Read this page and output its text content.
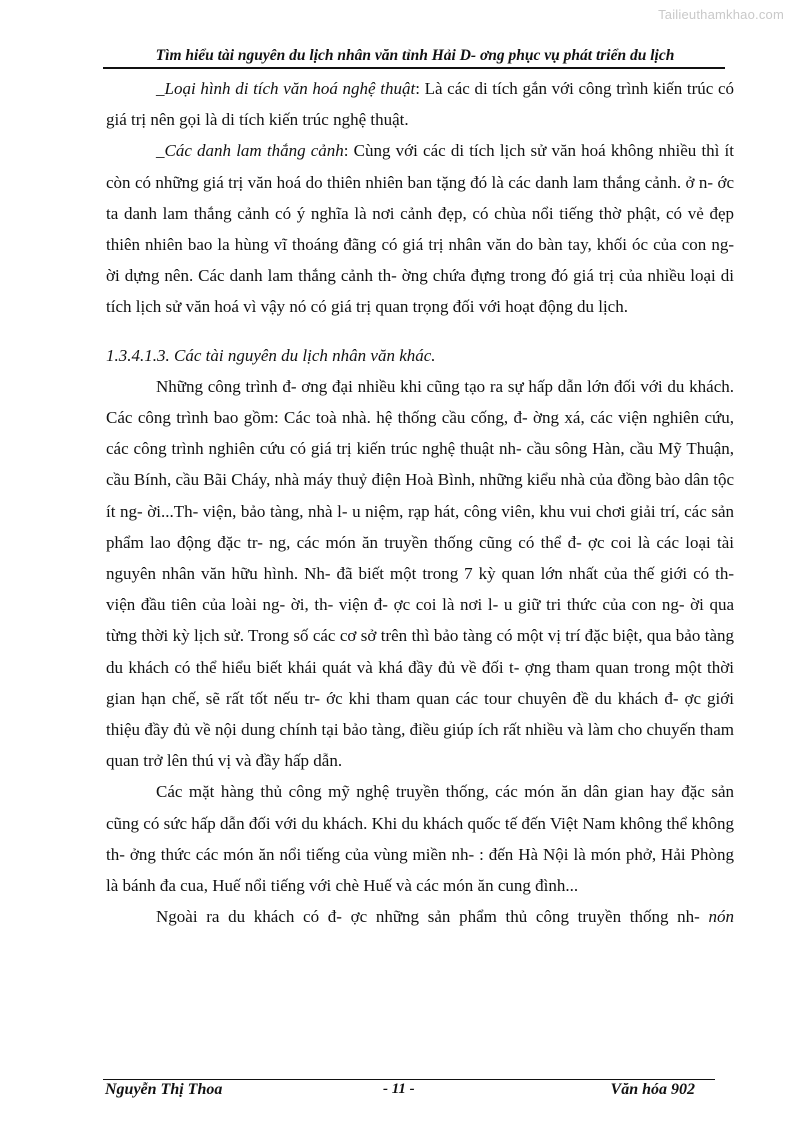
Tailieuthamkhao.com
Tìm hiểu tài nguyên du lịch nhân văn tỉnh Hải D- ơng phục vụ phát triển du lịch

_Loại hình di tích văn hoá nghệ thuật: Là các di tích gắn với công trình kiến trúc có giá trị nên gọi là di tích kiến trúc nghệ thuật.

_Các danh lam thắng cảnh: Cùng với các di tích lịch sử văn hoá không nhiều thì ít còn có những giá trị văn hoá do thiên nhiên ban tặng đó là các danh lam thắng cảnh. ở n- ớc ta danh lam thắng cảnh có ý nghĩa là nơi cảnh đẹp, có chùa nổi tiếng thờ phật, có vẻ đẹp thiên nhiên bao la hùng vĩ thoáng đãng có giá trị nhân văn do bàn tay, khối óc của con ng- ời dựng nên. Các danh lam thắng cảnh th- ờng chứa đựng trong đó giá trị của nhiều loại di tích lịch sử văn hoá vì vậy nó có giá trị quan trọng đối với hoạt động du lịch.

1.3.4.1.3. Các tài nguyên du lịch nhân văn khác.

Những công trình đ- ơng đại nhiều khi cũng tạo ra sự hấp dẫn lớn đối với du khách. Các công trình bao gồm: Các toà nhà. hệ thống cầu cống, đ- ờng xá, các viện nghiên cứu, các công trình nghiên cứu có giá trị kiến trúc nghệ thuật nh- cầu sông Hàn, cầu Mỹ Thuận, cầu Bính, cầu Bãi Cháy, nhà máy thuỷ điện Hoà Bình, những kiểu nhà của đồng bào dân tộc ít ng- ời...Th- viện, bảo tàng, nhà l- u niệm, rạp hát, công viên, khu vui chơi giải trí, các sản phẩm lao động đặc tr- ng, các món ăn truyền thống cũng có thể đ- ợc coi là các loại tài nguyên nhân văn hữu hình. Nh- đã biết một trong 7 kỳ quan lớn nhất của thế giới có th- viện đầu tiên của loài ng- ời, th- viện đ- ợc coi là nơi l- u giữ tri thức của con ng- ời qua từng thời kỳ lịch sử. Trong số các cơ sở trên thì bảo tàng có một vị trí đặc biệt, qua bảo tàng du khách có thể hiểu biết khái quát và khá đầy đủ về đối t- ợng tham quan trong một thời gian hạn chế, sẽ rất tốt nếu tr- ớc khi tham quan các tour chuyên đề du khách đ- ợc giới thiệu đầy đủ về nội dung chính tại bảo tàng, điều giúp ích rất nhiều và làm cho chuyến tham quan trở lên thú vị và đầy hấp dẫn.

Các mặt hàng thủ công mỹ nghệ truyền thống, các món ăn dân gian hay đặc sản cũng có sức hấp dẫn đối với du khách. Khi du khách quốc tế đến Việt Nam không thể không th- ởng thức các món ăn nổi tiếng của vùng miền nh- : đến Hà Nội là món phở, Hải Phòng là bánh đa cua, Huế nổi tiếng với chè Huế và các món ăn cung đình...

Ngoài ra du khách có đ- ợc những sản phẩm thủ công truyền thống nh- nón

Nguyễn Thị Thoa	- 11 -	Văn hóa 902
